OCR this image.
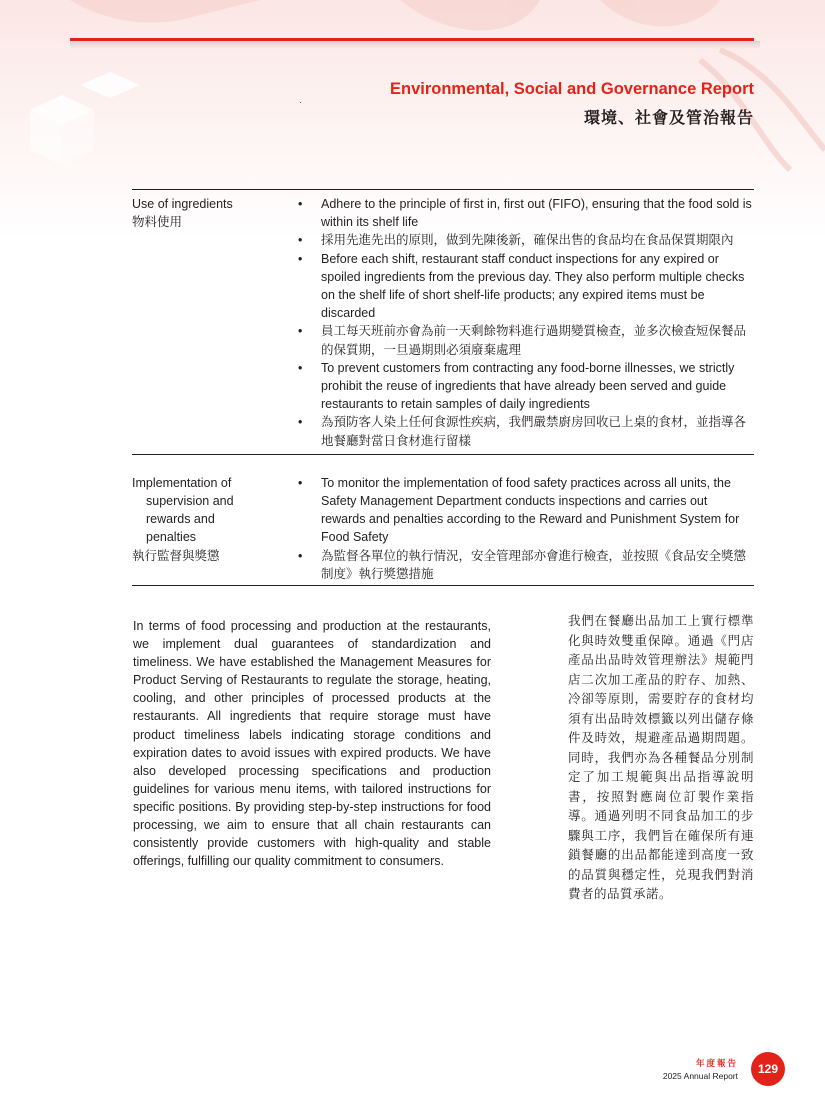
Environmental, Social and Governance Report
環境、社會及管治報告
Use of ingredients
物料使用
• Adhere to the principle of first in, first out (FIFO), ensuring that the food sold is within its shelf life
• 採用先進先出的原則，做到先陳後新，確保出售的食品均在食品保質期限內
• Before each shift, restaurant staff conduct inspections for any expired or spoiled ingredients from the previous day. They also perform multiple checks on the shelf life of short shelf-life products; any expired items must be discarded
• 員工每天班前亦會為前一天剩餘物料進行過期變質檢查，並多次檢查短保餐品的保質期，一旦過期則必須廢棄處理
• To prevent customers from contracting any food-borne illnesses, we strictly prohibit the reuse of ingredients that have already been served and guide restaurants to retain samples of daily ingredients
• 為預防客人染上任何食源性疾病，我們嚴禁廚房回收已上桌的食材，並指導各地餐廳對當日食材進行留樣
Implementation of
supervision and
rewards and
penalties
執行監督與獎懲
• To monitor the implementation of food safety practices across all units, the Safety Management Department conducts inspections and carries out rewards and penalties according to the Reward and Punishment System for Food Safety
• 為監督各單位的執行情況，安全管理部亦會進行檢查，並按照《食品安全獎懲制度》執行獎懲措施
In terms of food processing and production at the restaurants, we implement dual guarantees of standardization and timeliness. We have established the Management Measures for Product Serving of Restaurants to regulate the storage, heating, cooling, and other principles of processed products at the restaurants. All ingredients that require storage must have product timeliness labels indicating storage conditions and expiration dates to avoid issues with expired products. We have also developed processing specifications and production guidelines for various menu items, with tailored instructions for specific positions. By providing step-by-step instructions for food processing, we aim to ensure that all chain restaurants can consistently provide customers with high-quality and stable offerings, fulfilling our quality commitment to consumers.
我們在餐廳出品加工上實行標準化與時效雙重保障。通過《門店產品出品時效管理辦法》規範門店二次加工產品的貯存、加熱、冷卻等原則，需要貯存的食材均須有出品時效標籤以列出儲存條件及時效，規避產品過期問題。同時，我們亦為各種餐品分別制定了加工規範與出品指導說明書，按照對應崗位訂製作業指導。通過列明不同食品加工的步驟與工序，我們旨在確保所有連鎖餐廳的出品都能達到高度一致的品質與穩定性，兑現我們對消費者的品質承諾。
年度報告
2025 Annual Report	129
